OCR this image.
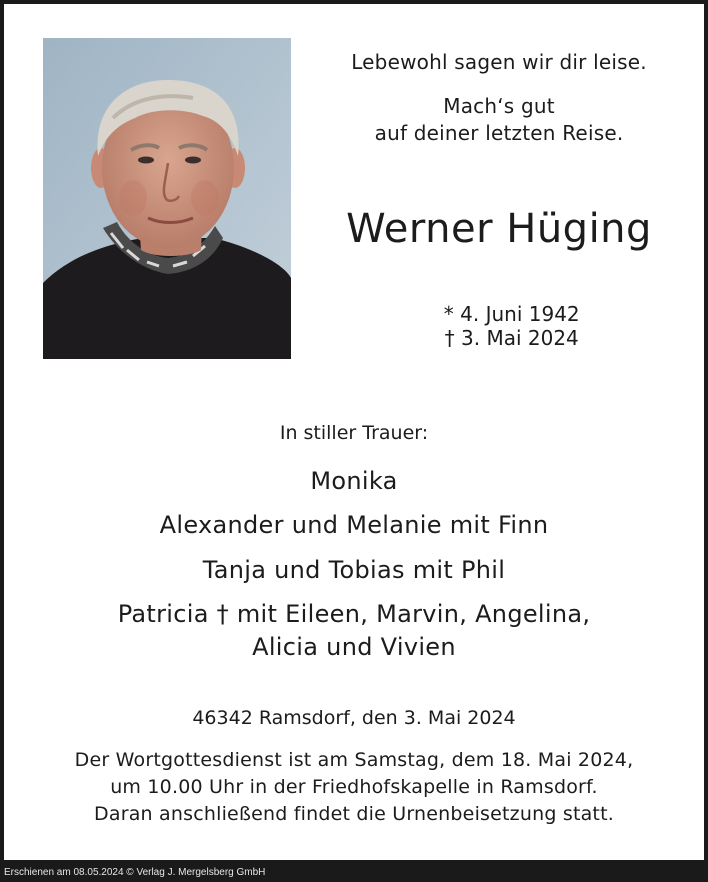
Lebewohl sagen wir dir leise.
Mach‘s gut
auf deiner letzten Reise.
Werner Hüging

* 4. Juni 1942
† 3. Mai 2024

In stiller Trauer:
Monika
Alexander und Melanie mit Finn
Tanja und Tobias mit Phil
Patricia † mit Eileen, Marvin, Angelina,
Alicia und Vivien
46342 Ramsdorf, den 3. Mai 2024
Der Wortgottesdienst ist am Samstag, dem 18. Mai 2024,
um 10.00 Uhr in der Friedhofskapelle in Ramsdorf.
Daran anschließend findet die Urnenbeisetzung statt.
Erschienen am 08.05.2024 © Verlag J. Mergelsberg GmbH
